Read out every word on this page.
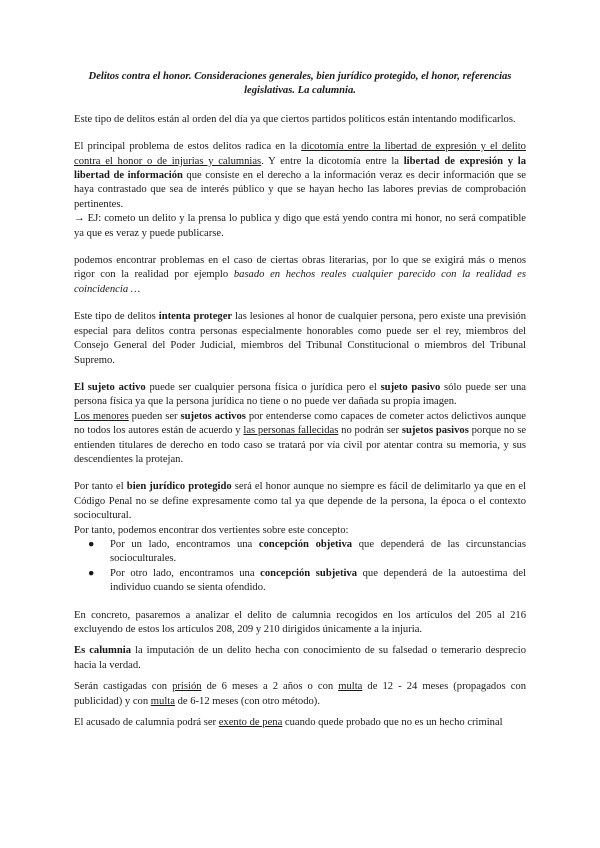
Delitos contra el honor. Consideraciones generales, bien jurídico protegido, el honor, referencias legislativas. La calumnia.

Este tipo de delitos están al orden del día ya que ciertos partidos políticos están intentando modificarlos.

El principal problema de estos delitos radica en la dicotomía entre la libertad de expresión y el delito contra el honor o de injurias y calumnias. Y entre la dicotomía entre la libertad de expresión y la libertad de información que consiste en el derecho a la información veraz es decir información que se haya contrastado que sea de interés público y que se hayan hecho las labores previas de comprobación pertinentes.

→ EJ: cometo un delito y la prensa lo publica y digo que está yendo contra mi honor, no será compatible ya que es veraz y puede publicarse.

podemos encontrar problemas en el caso de ciertas obras literarias, por lo que se exigirá más o menos rigor con la realidad por ejemplo basado en hechos reales cualquier parecido con la realidad es coincidencia …

Este tipo de delitos intenta proteger las lesiones al honor de cualquier persona, pero existe una previsión especial para delitos contra personas especialmente honorables como puede ser el rey, miembros del Consejo General del Poder Judicial, miembros del Tribunal Constitucional o miembros del Tribunal Supremo.

El sujeto activo puede ser cualquier persona física o jurídica pero el sujeto pasivo sólo puede ser una persona física ya que la persona jurídica no tiene o no puede ver dañada su propia imagen.

Los menores pueden ser sujetos activos por entenderse como capaces de cometer actos delictivos aunque no todos los autores están de acuerdo y las personas fallecidas no podrán ser sujetos pasivos porque no se entienden titulares de derecho en todo caso se tratará por vía civil por atentar contra su memoria, y sus descendientes la protejan.

Por tanto el bien jurídico protegido será el honor aunque no siempre es fácil de delimitarlo ya que en el Código Penal no se define expresamente como tal ya que depende de la persona, la época o el contexto sociocultural.

Por tanto, podemos encontrar dos vertientes sobre este concepto:

● Por un lado, encontramos una concepción objetiva que dependerá de las circunstancias socioculturales.
● Por otro lado, encontramos una concepción subjetiva que dependerá de la autoestima del individuo cuando se sienta ofendido.

En concreto, pasaremos a analizar el delito de calumnia recogidos en los artículos del 205 al 216 excluyendo de estos los artículos 208, 209 y 210 dirigidos únicamente a la injuria.

Es calumnia la imputación de un delito hecha con conocimiento de su falsedad o temerario desprecio hacia la verdad.

Serán castigadas con prisión de 6 meses a 2 años o con multa de 12 - 24 meses (propagados con publicidad) y con multa de 6-12 meses (con otro método).

El acusado de calumnia podrá ser exento de pena cuando quede probado que no es un hecho criminal
